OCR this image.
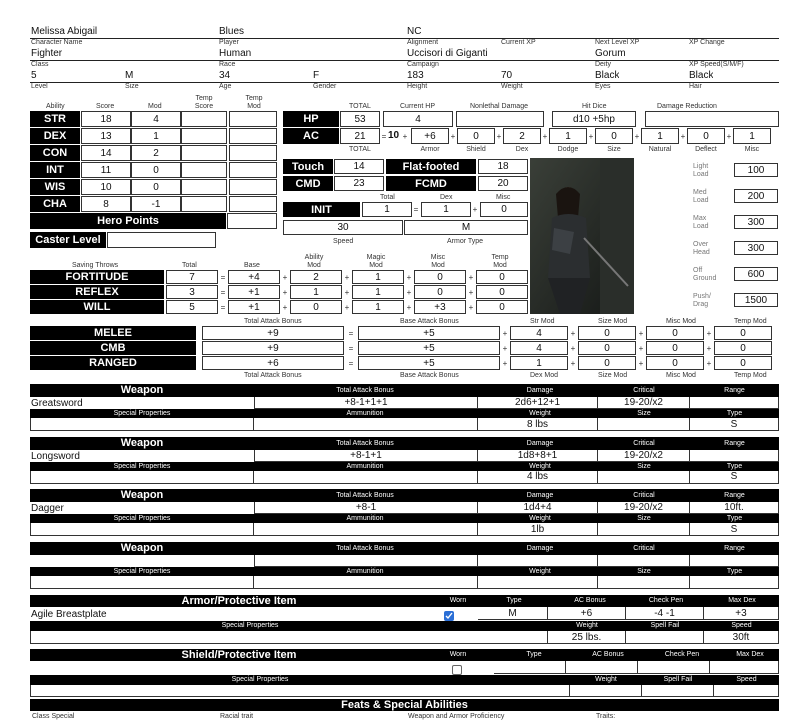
Melissa Abigail	Blues	NC
Character Name	Player	Alignment	Current XP	Next Level XP	XP Change
Fighter	Human	Uccisori di Giganti	Gorum
Class	Race	Campaign	Deity	XP Speed(S/M/F)
5	M	34	F	183	70	Black	Black
Level	Size	Age	Gender	Height	Weight	Eyes	Hair
Ability	Score	Mod
Temp Score
Temp Mod
STR	18	4
DEX	13	1
CON	14	2
INT	11	0
WIS	10	0
CHA	8	-1
Hero Points
Caster Level
TOTAL	Current HP	Nonlethal Damage	Hit Dice	Damage Reduction
HP	53	4	d10 +5hp
AC	21	= 10 +	+6	+	0	+	2	+	1	+	0	+	1	+	0	+	1
Armor	Shield	Dex	Dodge	Size	Natural	Deflect	Misc
TOTAL
Touch	14	Flat-footed	18
CMD	23	FCMD	20
Total	Dex	Misc
INIT	1	=	1	+	0
30	M
Speed	Armor Type
Light Load	100
Med Load	200
Max Load	300
Over Head	300
Off Ground	600
Push/ Drag	1500
Saving Throws	Total	Base
Ability Mod
Magic Mod
Misc Mod
Temp Mod
FORTITUDE	7	=	+4	+	2	+	1	+	0	+	0
REFLEX	3	=	+1	+	1	+	1	+	0	+	0
WILL	5	=	+1	+	0	+	1	+	+3	+	0
MELEE	+9	=	+5	+	4	+	0	+	0	+	0
CMB	+9	=	+5	+	4	+	0	+	0	+	0
RANGED	+6	=	+5	+	1	+	0	+	0	+	0
Total Attack Bonus	Base Attack Bonus	Str Mod	Size Mod	Misc Mod	Temp Mod
Total Attack Bonus	Base Attack Bonus	Dex Mod	Size Mod	Misc Mod	Temp Mod
Weapon	Total Attack Bonus	Damage	Critical	Range
Greatsword	+8-1+1+1	2d6+12+1	19-20/x2
Special Properties	Ammunition	Weight	Size	Type
8 lbs	S
Weapon	Total Attack Bonus	Damage	Critical	Range
Longsword	+8-1+1	1d8+8+1	19-20/x2
Special Properties	Ammunition	Weight	Size	Type
4 lbs	S
Weapon	Total Attack Bonus	Damage	Critical	Range
Dagger	+8-1	1d4+4	19-20/x2	10ft.
Special Properties	Ammunition	Weight	Size	Type
1lb	S
Weapon	Total Attack Bonus	Damage	Critical	Range
Special Properties	Ammunition	Weight	Size	Type
Armor/Protective Item	Worn	Type	AC Bonus	Check Pen	Max Dex
Agile Breastplate	M	+6	-4 -1	+3
Special Properties	Weight	Spell Fail	Speed
25 lbs.	30ft
Shield/Protective Item	Worn	Type	AC Bonus	Check Pen	Max Dex
Special Properties	Weight	Spell Fail	Speed
Feats & Special Abilities
Class Special	Racial trait	Weapon and Armor Proficiency	Traits:
